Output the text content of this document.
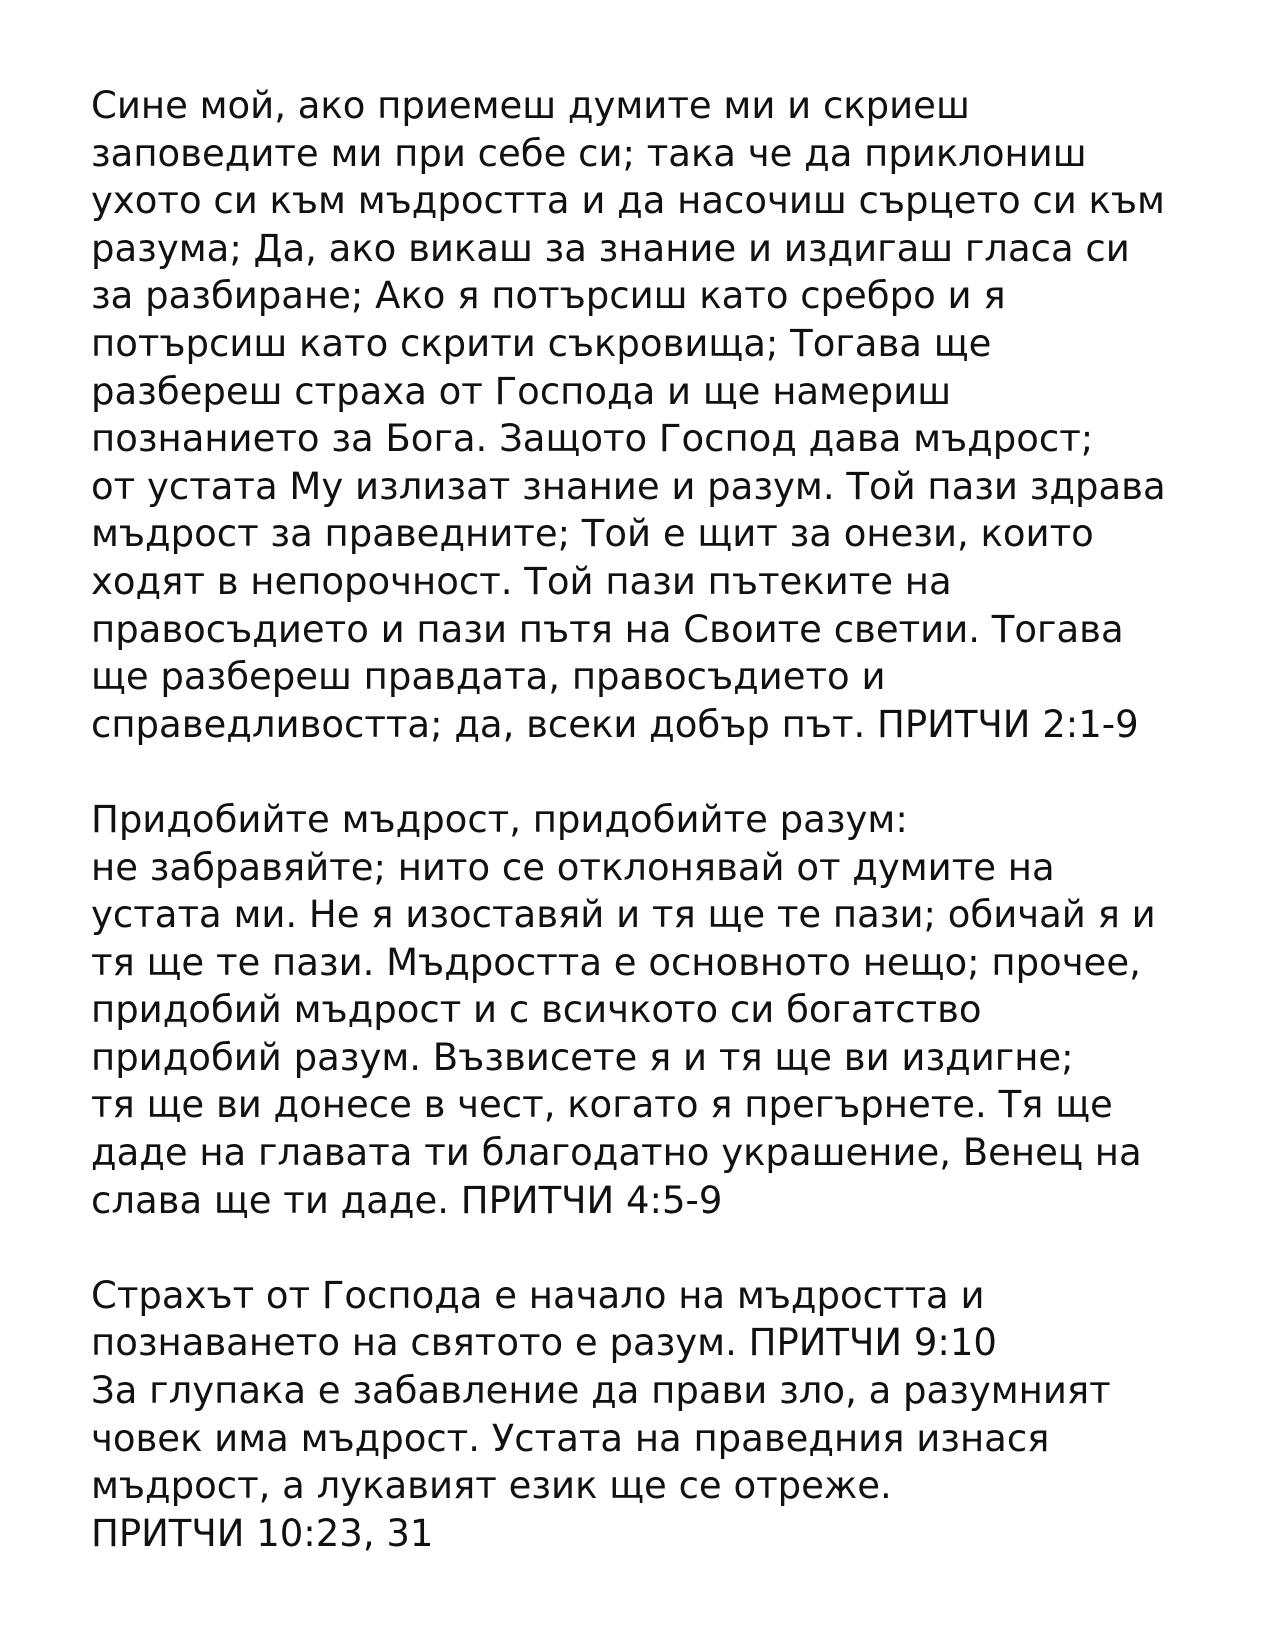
Сине мой, ако приемеш думите ми и скриеш
заповедите ми при себе си; така че да приклониш
ухото си към мъдростта и да насочиш сърцето си към
разума; Да, ако викаш за знание и издигаш гласа си
за разбиране; Ако я потърсиш като сребро и я
потърсиш като скрити съкровища; Тогава ще
разбереш страха от Господа и ще намериш
познанието за Бога. Защото Господ дава мъдрост;
от устата Му излизат знание и разум. Той пази здрава
мъдрост за праведните; Той е щит за онези, които
ходят в непорочност. Той пази пътеките на
правосъдието и пази пътя на Своите светии. Тогава
ще разбереш правдата, правосъдието и
справедливостта; да, всеки добър път. ПРИТЧИ 2:1-9
Придобийте мъдрост, придобийте разум:
не забравяйте; нито се отклонявай от думите на
устата ми. Не я изоставяй и тя ще те пази; обичай я и
тя ще те пази. Мъдростта е основното нещо; прочее,
придобий мъдрост и с всичкото си богатство
придобий разум. Възвисете я и тя ще ви издигне;
тя ще ви донесе в чест, когато я прегърнете. Тя ще
даде на главата ти благодатно украшение, Венец на
слава ще ти даде. ПРИТЧИ 4:5-9
Страхът от Господа е начало на мъдростта и
познаването на святото е разум. ПРИТЧИ 9:10
За глупака е забавление да прави зло, а разумният
човек има мъдрост. Устата на праведния изнася
мъдрост, а лукавият език ще се отреже.
ПРИТЧИ 10:23, 31
